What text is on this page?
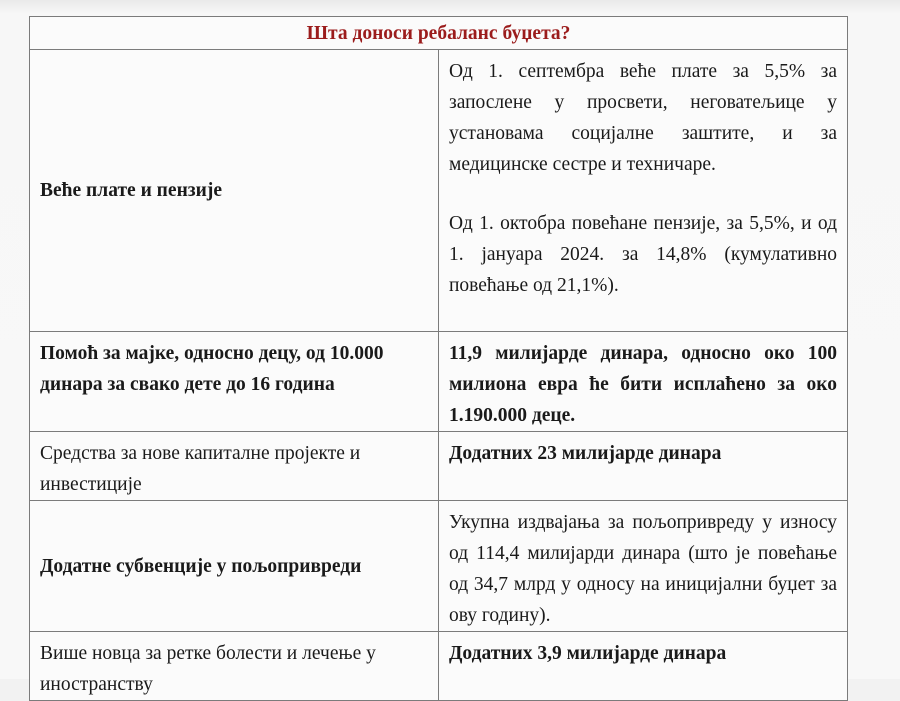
Шта доноси ребаланс буџета?	
Веће плате и пензије	Од 1. септембра веће плате за 5,5% за запослене у просвети, неговатељице у установама социјалне заштите, и за медицинске сестре и техничаре.
Од 1. октобра повећане пензије, за 5,5%, и од 1. јануара 2024. за 14,8% (кумулативно повећање од 21,1%).

Помоћ за мајке, односно децу, од 10.000 динара за свако дете до 16 година	11,9 милијарде динара, односно око 100 милиона евра ће бити исплаћено за око 1.190.000 деце.
Средства за нове капиталне пројекте и инвестиције	Додатних 23 милијарде динара
Додатне субвенције у пољопривреди	Укупна издвајања за пољопривреду у износу од 114,4 милијарди динара (што је повећање од 34,7 млрд у односу на иницијални буџет за ову годину).
Више новца за ретке болести и лечење у иностранству	Додатних 3,9 милијарде динара
